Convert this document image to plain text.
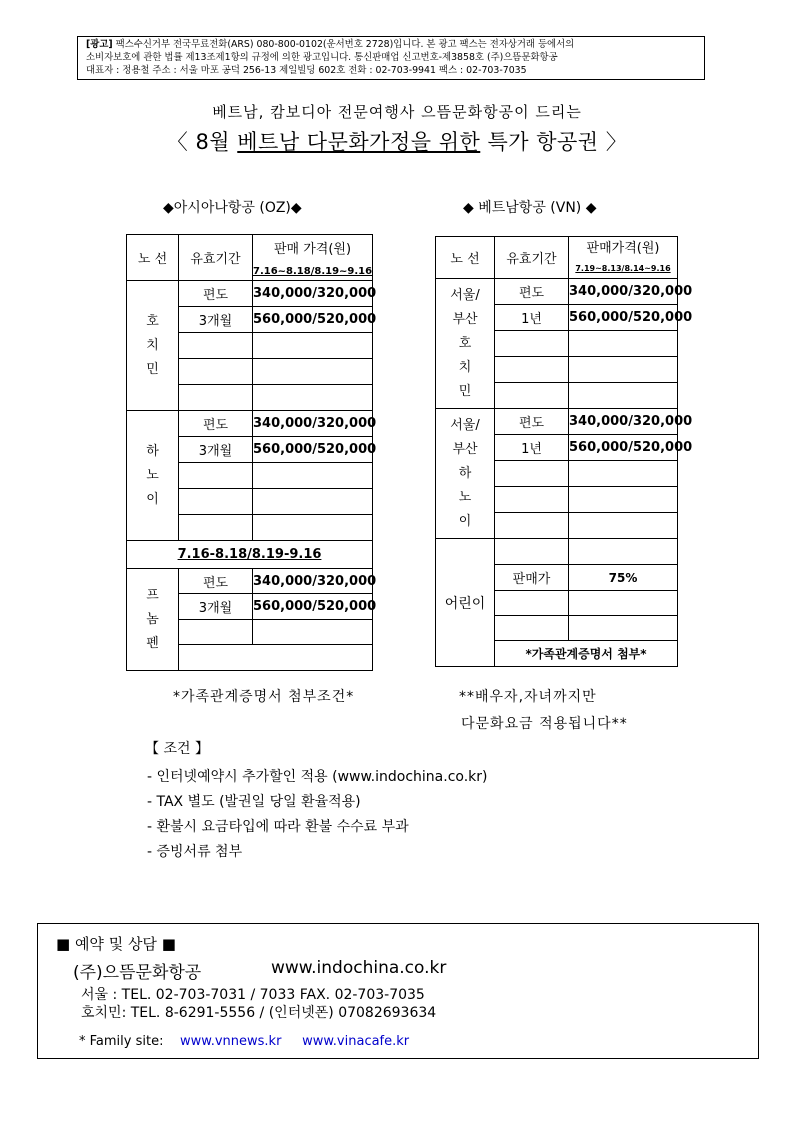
[광고] 팩스수신거부 전국무료전화(ARS) 080-800-0102(운서번호 2728)입니다. 본 광고 팩스는 전자상거래 등에서의
소비자보호에 관한 법률 제13조제1항의 규정에 의한 광고입니다. 통신판매업 신고번호-제3858호 (주)으뜸문화항공
대표자 : 정용철 주소 : 서울 마포 공덕 256-13 제일빌딩 602호 전화 : 02-703-9941 팩스 : 02-703-7035
베트남, 캄보디아 전문여행사 으뜸문화항공이 드리는
〈 8월 베트남 다문화가정을 위한 특가 항공권 〉
◆아시아나항공 (OZ)◆	◆ 베트남항공 (VN) ◆
노 선	유효기간	판매 가격(원)
		7.16~8.18/8.19~9.16
호
치
민	편도	340,000/320,000
	3개월	560,000/520,000

하
노
이	편도	340,000/320,000
	3개월	560,000/520,000

7.16-8.18/8.19-9.16		
프
놈
펜	편도	340,000/320,000
	3개월	560,000/520,000

노 선	유효기간	판매가격(원)
		7.19~8.13/8.14~9.16
서울/
부산
호
치
민	편도	340,000/320,000
	1년	560,000/520,000

서울/
부산
하
노
이	편도	340,000/320,000
	1년	560,000/520,000

어린이		
	판매가	75%

	*가족관계증명서 첨부*	
*가족관계증명서 첨부조건*	**배우자,자녀까지만
다문화요금 적용됩니다**
【 조건 】
- 인터넷예약시 추가할인 적용 (www.indochina.co.kr)
- TAX 별도 (발권일 당일 환율적용)
- 환불시 요금타입에 따라 환불 수수료 부과
- 증빙서류 첨부
■ 예약 및 상담 ■
(주)으뜸문화항공	www.indochina.co.kr
서울 : TEL. 02-703-7031 / 7033 FAX. 02-703-7035
호치민: TEL. 8-6291-5556 / (인터넷폰) 07082693634
* Family site: www.vnnews.kr www.vinacafe.kr
